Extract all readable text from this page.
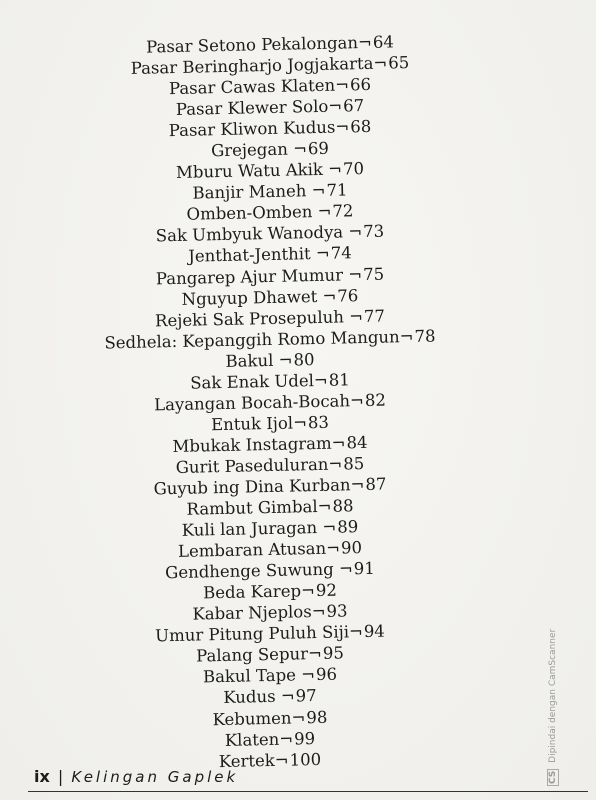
Pasar Setono Pekalongan¬64
Pasar Beringharjo Jogjakarta¬65
Pasar Cawas Klaten¬66
Pasar Klewer Solo¬67
Pasar Kliwon Kudus¬68
Grejegan ¬69
Mburu Watu Akik ¬70
Banjir Maneh ¬71
Omben-Omben ¬72
Sak Umbyuk Wanodya ¬73
Jenthat-Jenthit ¬74
Pangarep Ajur Mumur ¬75
Nguyup Dhawet ¬76
Rejeki Sak Prosepuluh ¬77
Sedhela: Kepanggih Romo Mangun¬78
Bakul ¬80
Sak Enak Udel¬81
Layangan Bocah-Bocah¬82
Entuk Ijol¬83
Mbukak Instagram¬84
Gurit Paseduluran¬85
Guyub ing Dina Kurban¬87
Rambut Gimbal¬88
Kuli lan Juragan ¬89
Lembaran Atusan¬90
Gendhenge Suwung ¬91
Beda Karep¬92
Kabar Njeplos¬93
Umur Pitung Puluh Siji¬94
Palang Sepur¬95
Bakul Tape ¬96
Kudus ¬97
Kebumen¬98
Klaten¬99
Kertek¬100
ix | Kelingan Gaplek	CS Dipindai dengan CamScanner
